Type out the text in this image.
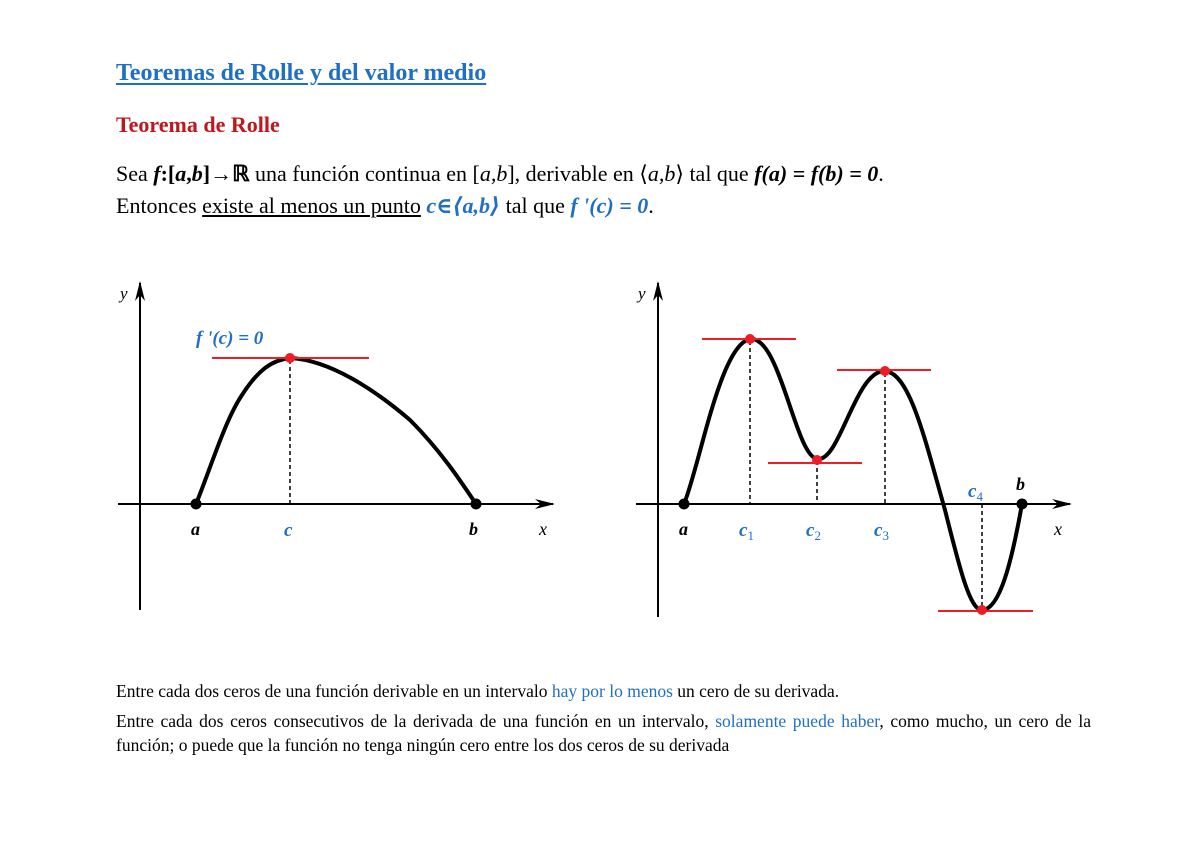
Teoremas de Rolle y del valor medio
Teorema de Rolle
Sea f:[a,b]→ℝ una función continua en [a,b], derivable en ⟨a,b⟩ tal que f(a) = f(b) = 0.
Entonces existe al menos un punto c∈⟨a,b⟩ tal que f '(c) = 0.
y
x
a	c	b
f '(c) = 0
y
x
a
b
$c_1$	$c_2$	$c_3$
$c_4$
Entre cada dos ceros de una función derivable en un intervalo hay por lo menos un cero de su derivada.
Entre cada dos ceros consecutivos de la derivada de una función en un intervalo, solamente puede haber, como mucho, un cero de la función; o puede que la función no tenga ningún cero entre los dos ceros de su derivada
